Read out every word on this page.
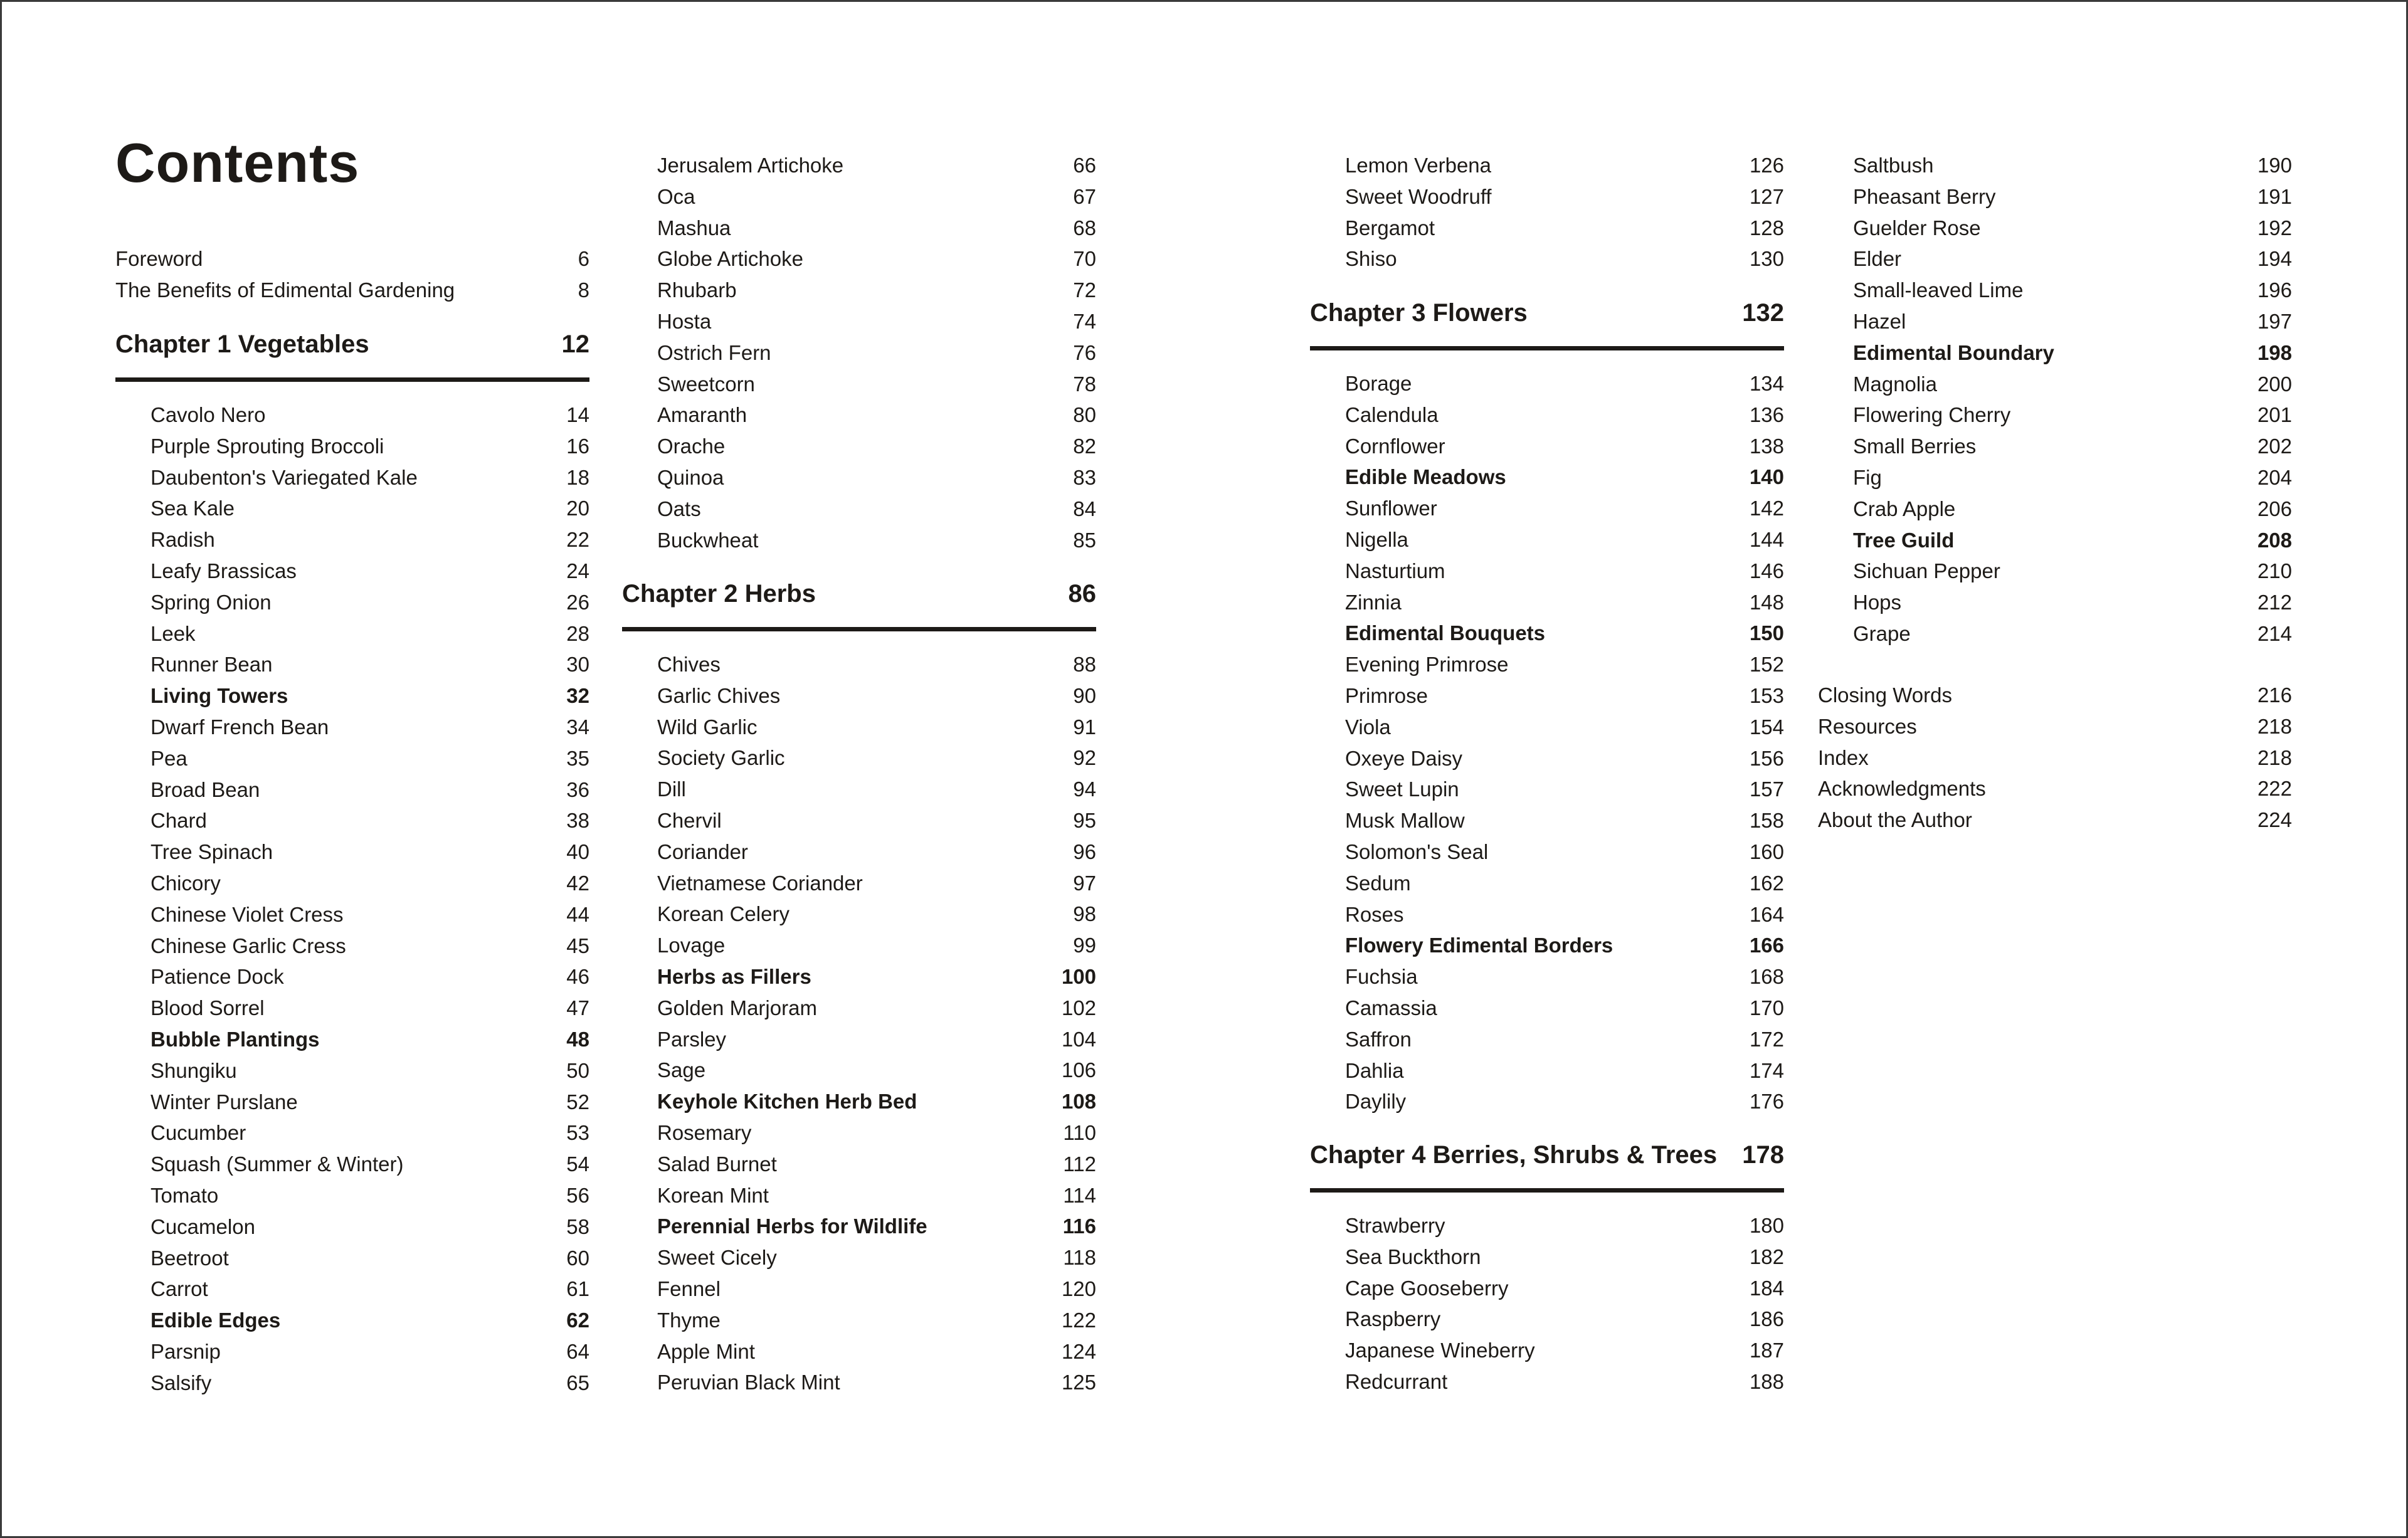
Contents
Foreword	6
The Benefits of Edimental Gardening	8
Chapter 1 Vegetables	12
Cavolo Nero	14
Purple Sprouting Broccoli	16
Daubenton's Variegated Kale	18
Sea Kale	20
Radish	22
Leafy Brassicas	24
Spring Onion	26
Leek	28
Runner Bean	30
Living Towers	32
Dwarf French Bean	34
Pea	35
Broad Bean	36
Chard	38
Tree Spinach	40
Chicory	42
Chinese Violet Cress	44
Chinese Garlic Cress	45
Patience Dock	46
Blood Sorrel	47
Bubble Plantings	48
Shungiku	50
Winter Purslane	52
Cucumber	53
Squash (Summer & Winter)	54
Tomato	56
Cucamelon	58
Beetroot	60
Carrot	61
Edible Edges	62
Parsnip	64
Salsify	65
Jerusalem Artichoke	66
Oca	67
Mashua	68
Globe Artichoke	70
Rhubarb	72
Hosta	74
Ostrich Fern	76
Sweetcorn	78
Amaranth	80
Orache	82
Quinoa	83
Oats	84
Buckwheat	85
Chapter 2 Herbs	86
Chives	88
Garlic Chives	90
Wild Garlic	91
Society Garlic	92
Dill	94
Chervil	95
Coriander	96
Vietnamese Coriander	97
Korean Celery	98
Lovage	99
Herbs as Fillers	100
Golden Marjoram	102
Parsley	104
Sage	106
Keyhole Kitchen Herb Bed	108
Rosemary	110
Salad Burnet	112
Korean Mint	114
Perennial Herbs for Wildlife	116
Sweet Cicely	118
Fennel	120
Thyme	122
Apple Mint	124
Peruvian Black Mint	125
Lemon Verbena	126
Sweet Woodruff	127
Bergamot	128
Shiso	130
Chapter 3 Flowers	132
Borage	134
Calendula	136
Cornflower	138
Edible Meadows	140
Sunflower	142
Nigella	144
Nasturtium	146
Zinnia	148
Edimental Bouquets	150
Evening Primrose	152
Primrose	153
Viola	154
Oxeye Daisy	156
Sweet Lupin	157
Musk Mallow	158
Solomon's Seal	160
Sedum	162
Roses	164
Flowery Edimental Borders	166
Fuchsia	168
Camassia	170
Saffron	172
Dahlia	174
Daylily	176
Chapter 4 Berries, Shrubs & Trees 178
Strawberry	180
Sea Buckthorn	182
Cape Gooseberry	184
Raspberry	186
Japanese Wineberry	187
Redcurrant	188
Saltbush	190
Pheasant Berry	191
Guelder Rose	192
Elder	194
Small-leaved Lime	196
Hazel	197
Edimental Boundary	198
Magnolia	200
Flowering Cherry	201
Small Berries	202
Fig	204
Crab Apple	206
Tree Guild	208
Sichuan Pepper	210
Hops	212
Grape	214
Closing Words	216
Resources	218
Index	218
Acknowledgments	222
About the Author	224
